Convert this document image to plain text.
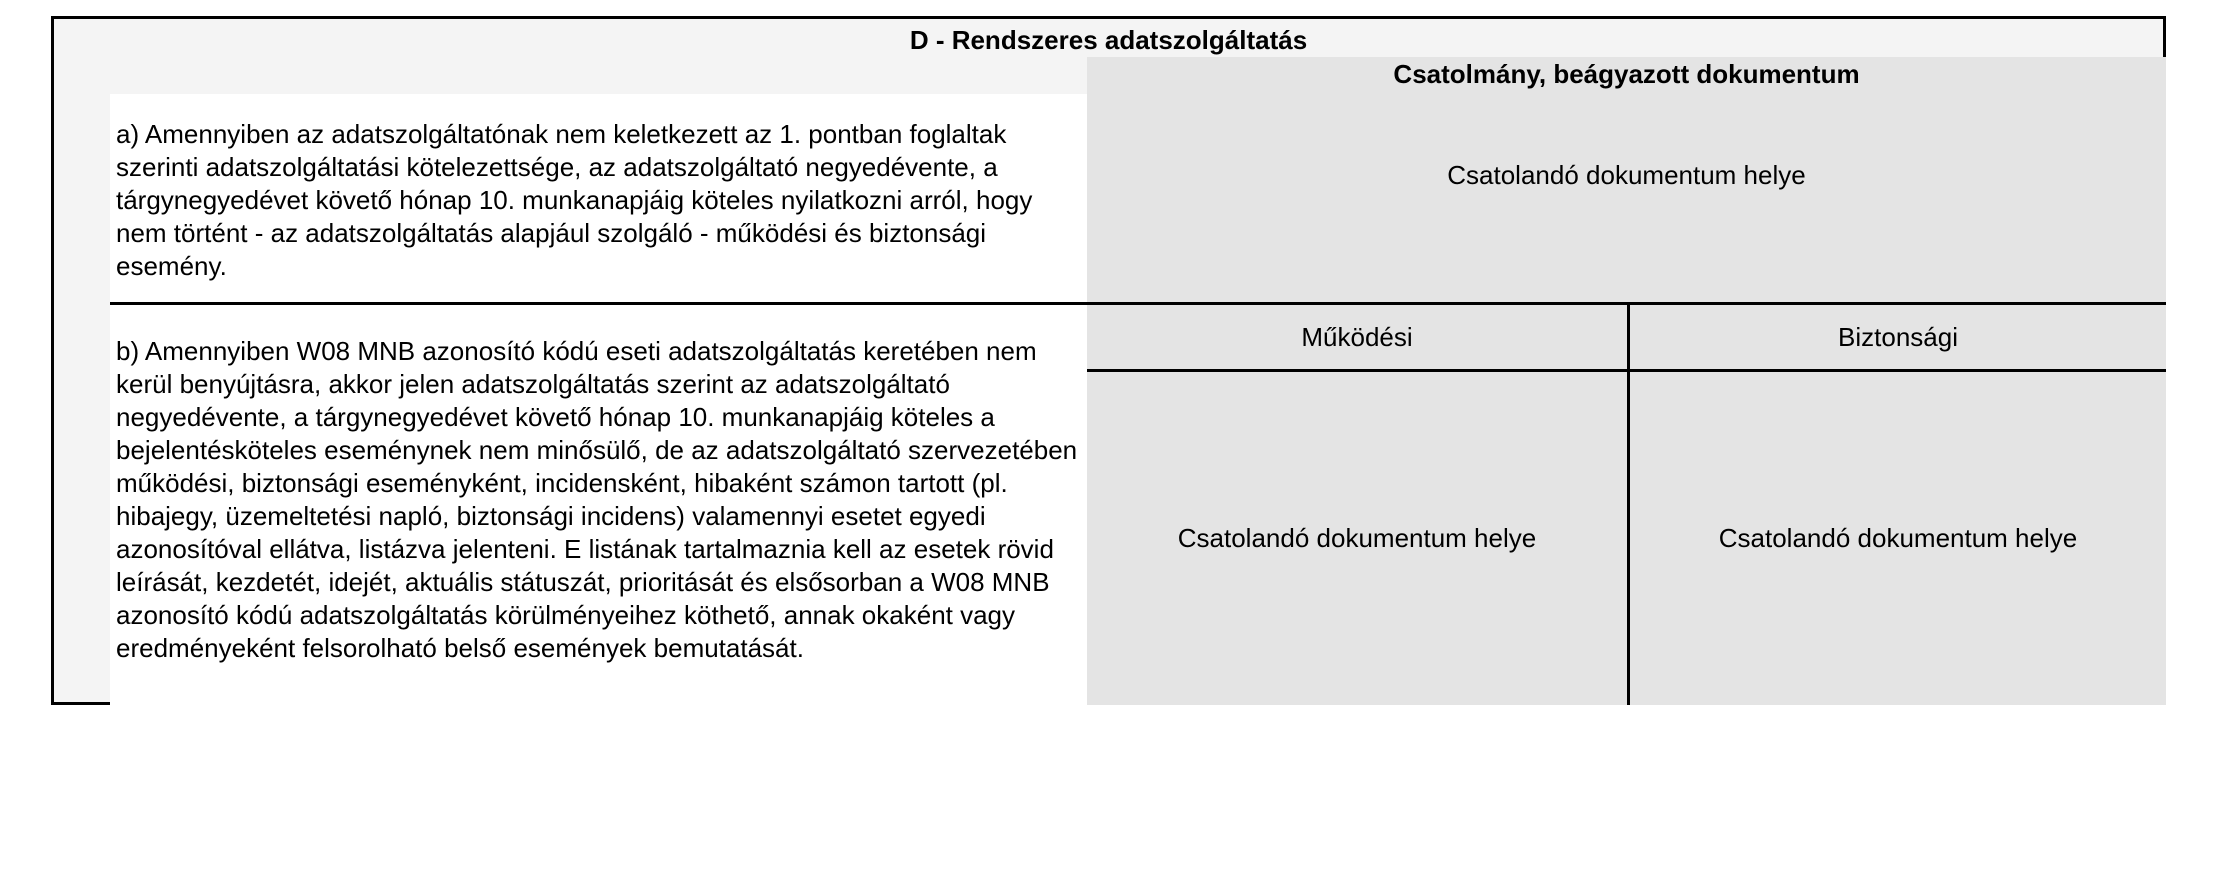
D - Rendszeres adatszolgáltatás

a) Amennyiben az adatszolgáltatónak nem keletkezett az 1. pontban foglaltak szerinti adatszolgáltatási kötelezettsége, az adatszolgáltató negyedévente, a tárgynegyedévet követő hónap 10. munkanapjáig köteles nyilatkozni arról, hogy nem történt - az adatszolgáltatás alapjául szolgáló - működési és biztonsági esemény.

Csatolmány, beágyazott dokumentum
Csatolandó dokumentum helye

b) Amennyiben W08 MNB azonosító kódú eseti adatszolgáltatás keretében nem kerül benyújtásra, akkor jelen adatszolgáltatás szerint az adatszolgáltató negyedévente, a tárgynegyedévet követő hónap 10. munkanapjáig köteles a bejelentésköteles eseménynek nem minősülő, de az adatszolgáltató szervezetében működési, biztonsági eseményként, incidensként, hibaként számon tartott (pl. hibajegy, üzemeltetési napló, biztonsági incidens) valamennyi esetet egyedi azonosítóval ellátva, listázva jelenteni. E listának tartalmaznia kell az esetek rövid leírását, kezdetét, idejét, aktuális státuszát, prioritását és elsősorban a W08 MNB azonosító kódú adatszolgáltatás körülményeihez köthető, annak okaként vagy eredményeként felsorolható belső események bemutatását.

Működési	Biztonsági
Csatolandó dokumentum helye	Csatolandó dokumentum helye
